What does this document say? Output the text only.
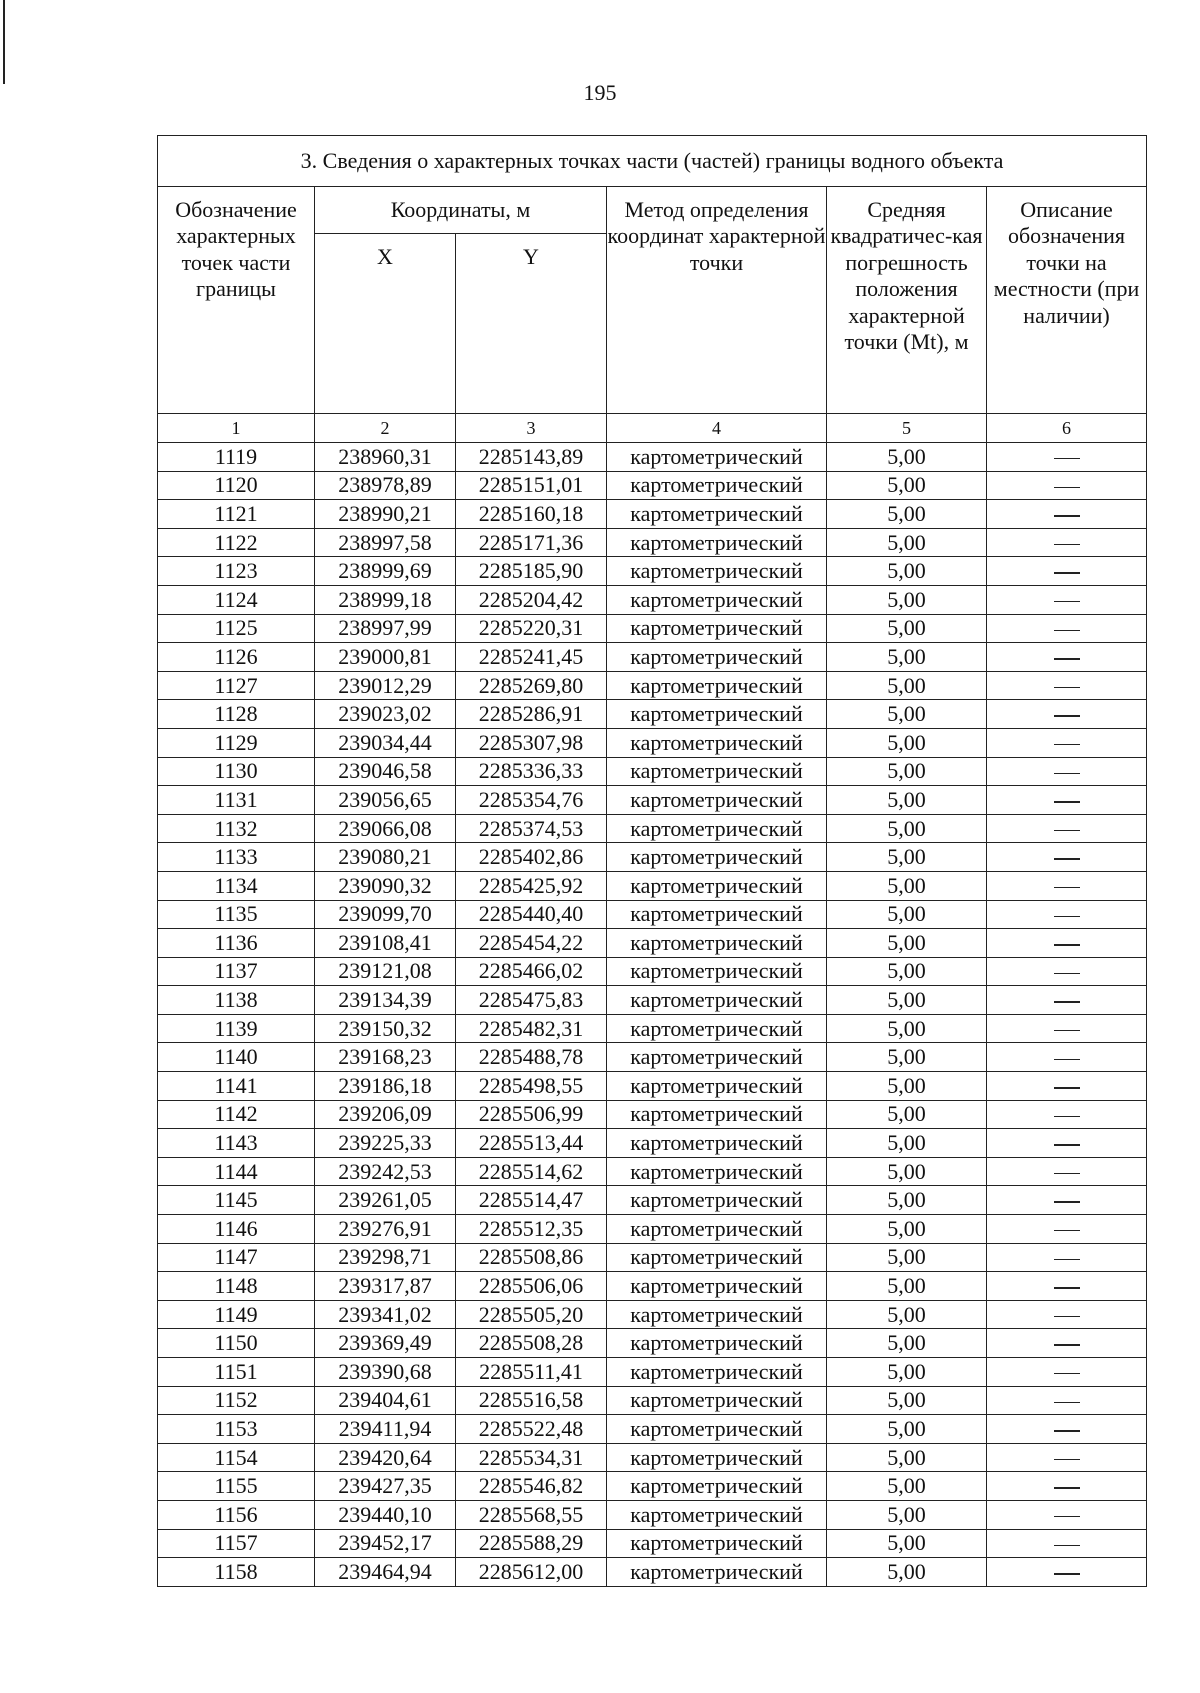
195
3. Сведения о характерных точках части (частей) границы водного объекта					
Обозначение характерных точек части границы	Координаты, м		Метод определения координат характерной точки	Средняя квадратичес-кая погрешность положения характерной точки (Mt), м	Описание обозначения точки на местности (при наличии)
	X	Y			
1	2	3	4	5	6
1119	238960,31	2285143,89	картометрический	5,00	
1120	238978,89	2285151,01	картометрический	5,00	
1121	238990,21	2285160,18	картометрический	5,00	
1122	238997,58	2285171,36	картометрический	5,00	
1123	238999,69	2285185,90	картометрический	5,00	
1124	238999,18	2285204,42	картометрический	5,00	
1125	238997,99	2285220,31	картометрический	5,00	
1126	239000,81	2285241,45	картометрический	5,00	
1127	239012,29	2285269,80	картометрический	5,00	
1128	239023,02	2285286,91	картометрический	5,00	
1129	239034,44	2285307,98	картометрический	5,00	
1130	239046,58	2285336,33	картометрический	5,00	
1131	239056,65	2285354,76	картометрический	5,00	
1132	239066,08	2285374,53	картометрический	5,00	
1133	239080,21	2285402,86	картометрический	5,00	
1134	239090,32	2285425,92	картометрический	5,00	
1135	239099,70	2285440,40	картометрический	5,00	
1136	239108,41	2285454,22	картометрический	5,00	
1137	239121,08	2285466,02	картометрический	5,00	
1138	239134,39	2285475,83	картометрический	5,00	
1139	239150,32	2285482,31	картометрический	5,00	
1140	239168,23	2285488,78	картометрический	5,00	
1141	239186,18	2285498,55	картометрический	5,00	
1142	239206,09	2285506,99	картометрический	5,00	
1143	239225,33	2285513,44	картометрический	5,00	
1144	239242,53	2285514,62	картометрический	5,00	
1145	239261,05	2285514,47	картометрический	5,00	
1146	239276,91	2285512,35	картометрический	5,00	
1147	239298,71	2285508,86	картометрический	5,00	
1148	239317,87	2285506,06	картометрический	5,00	
1149	239341,02	2285505,20	картометрический	5,00	
1150	239369,49	2285508,28	картометрический	5,00	
1151	239390,68	2285511,41	картометрический	5,00	
1152	239404,61	2285516,58	картометрический	5,00	
1153	239411,94	2285522,48	картометрический	5,00	
1154	239420,64	2285534,31	картометрический	5,00	
1155	239427,35	2285546,82	картометрический	5,00	
1156	239440,10	2285568,55	картометрический	5,00	
1157	239452,17	2285588,29	картометрический	5,00	
1158	239464,94	2285612,00	картометрический	5,00	
